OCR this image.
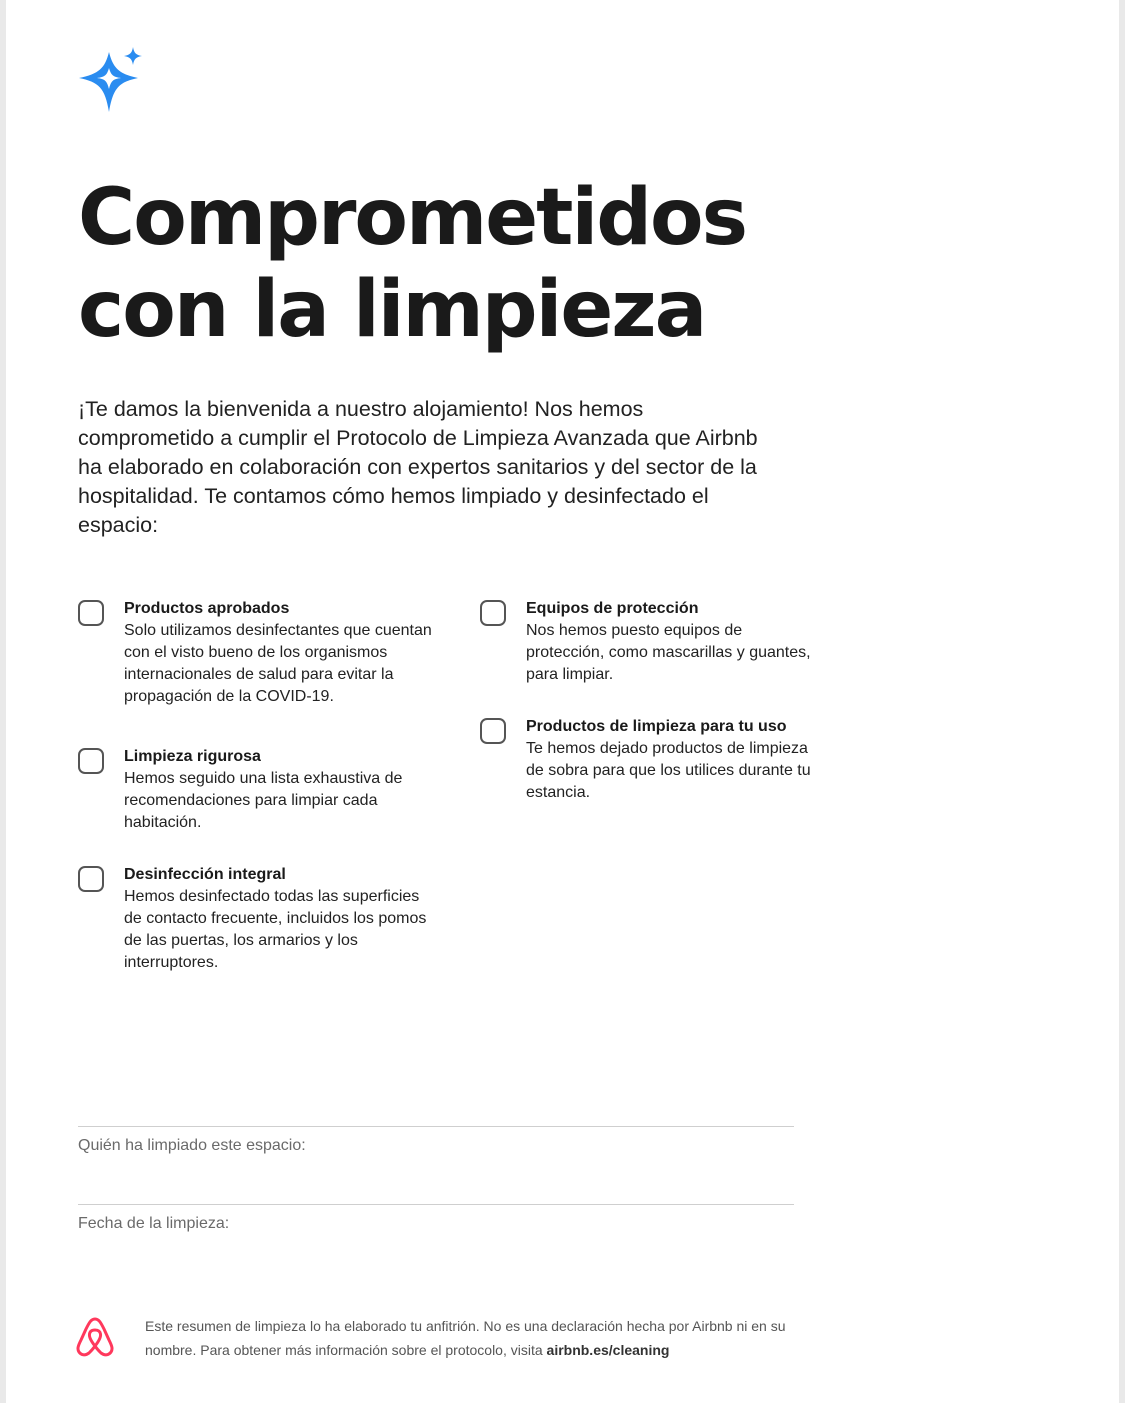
Comprometidos
con la limpieza

¡Te damos la bienvenida a nuestro alojamiento! Nos hemos comprometido a cumplir el Protocolo de Limpieza Avanzada que Airbnb ha elaborado en colaboración con expertos sanitarios y del sector de la hospitalidad. Te contamos cómo hemos limpiado y desinfectado el espacio:

Productos aprobados
Solo utilizamos desinfectantes que cuentan con el visto bueno de los organismos internacionales de salud para evitar la propagación de la COVID-19.
Limpieza rigurosa
Hemos seguido una lista exhaustiva de recomendaciones para limpiar cada habitación.
Desinfección integral
Hemos desinfectado todas las superficies de contacto frecuente, incluidos los pomos de las puertas, los armarios y los interruptores.
Equipos de protección
Nos hemos puesto equipos de protección, como mascarillas y guantes, para limpiar.
Productos de limpieza para tu uso
Te hemos dejado productos de limpieza de sobra para que los utilices durante tu estancia.
Quién ha limpiado este espacio:
Fecha de la limpieza:
Este resumen de limpieza lo ha elaborado tu anfitrión. No es una declaración hecha por Airbnb ni en su nombre. Para obtener más información sobre el protocolo, visita airbnb.es/cleaning
